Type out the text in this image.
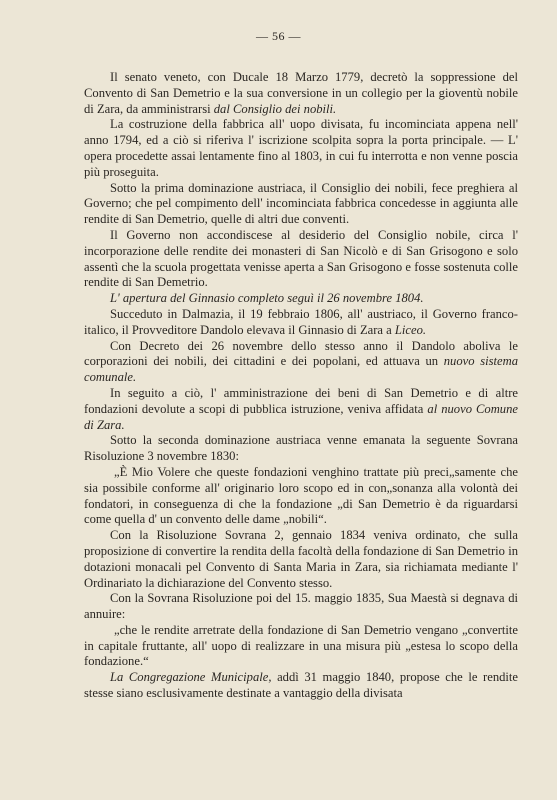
— 56 —

Il senato veneto, con Ducale 18 Marzo 1779, decretò la soppressione del Convento di San Demetrio e la sua conversione in un collegio per la gioventù nobile di Zara, da amministrarsi dal Consiglio dei nobili.

La costruzione della fabbrica all' uopo divisata, fu incominciata appena nell' anno 1794, ed a ciò si riferiva l' iscrizione scolpita sopra la porta principale. — L' opera procedette assai lentamente fino al 1803, in cui fu interrotta e non venne poscia più proseguita.

Sotto la prima dominazione austriaca, il Consiglio dei nobili, fece preghiera al Governo; che pel compimento dell' incominciata fabbrica concedesse in aggiunta alle rendite di San Demetrio, quelle di altri due conventi.

Il Governo non accondiscese al desiderio del Consiglio nobile, circa l' incorporazione delle rendite dei monasteri di San Nicolò e di San Grisogono e solo assentì che la scuola progettata venisse aperta a San Grisogono e fosse sostenuta colle rendite di San Demetrio.

L' apertura del Ginnasio completo seguì il 26 novembre 1804.

Succeduto in Dalmazia, il 19 febbraio 1806, all' austriaco, il Governo franco-italico, il Provveditore Dandolo elevava il Ginnasio di Zara a Liceo.

Con Decreto dei 26 novembre dello stesso anno il Dandolo aboliva le corporazioni dei nobili, dei cittadini e dei popolani, ed attuava un nuovo sistema comunale.

In seguito a ciò, l' amministrazione dei beni di San Demetrio e di altre fondazioni devolute a scopi di pubblica istruzione, veniva affidata al nuovo Comune di Zara.

Sotto la seconda dominazione austriaca venne emanata la seguente Sovrana Risoluzione 3 novembre 1830:

„È Mio Volere che queste fondazioni venghino trattate più preci„samente che sia possibile conforme all' originario loro scopo ed in con„sonanza alla volontà dei fondatori, in conseguenza di che la fondazione „di San Demetrio è da riguardarsi come quella d' un convento delle dame „nobili“.

Con la Risoluzione Sovrana 2, gennaio 1834 veniva ordinato, che sulla proposizione di convertire la rendita della facoltà della fondazione di San Demetrio in dotazioni monacali pel Convento di Santa Maria in Zara, sia richiamata mediante l' Ordinariato la dichiarazione del Convento stesso.

Con la Sovrana Risoluzione poi del 15. maggio 1835, Sua Maestà si degnava di annuire:

„che le rendite arretrate della fondazione di San Demetrio vengano „convertite in capitale fruttante, all' uopo di realizzare in una misura più „estesa lo scopo della fondazione.“

La Congregazione Municipale, addì 31 maggio 1840, propose che le rendite stesse siano esclusivamente destinate a vantaggio della divisata
